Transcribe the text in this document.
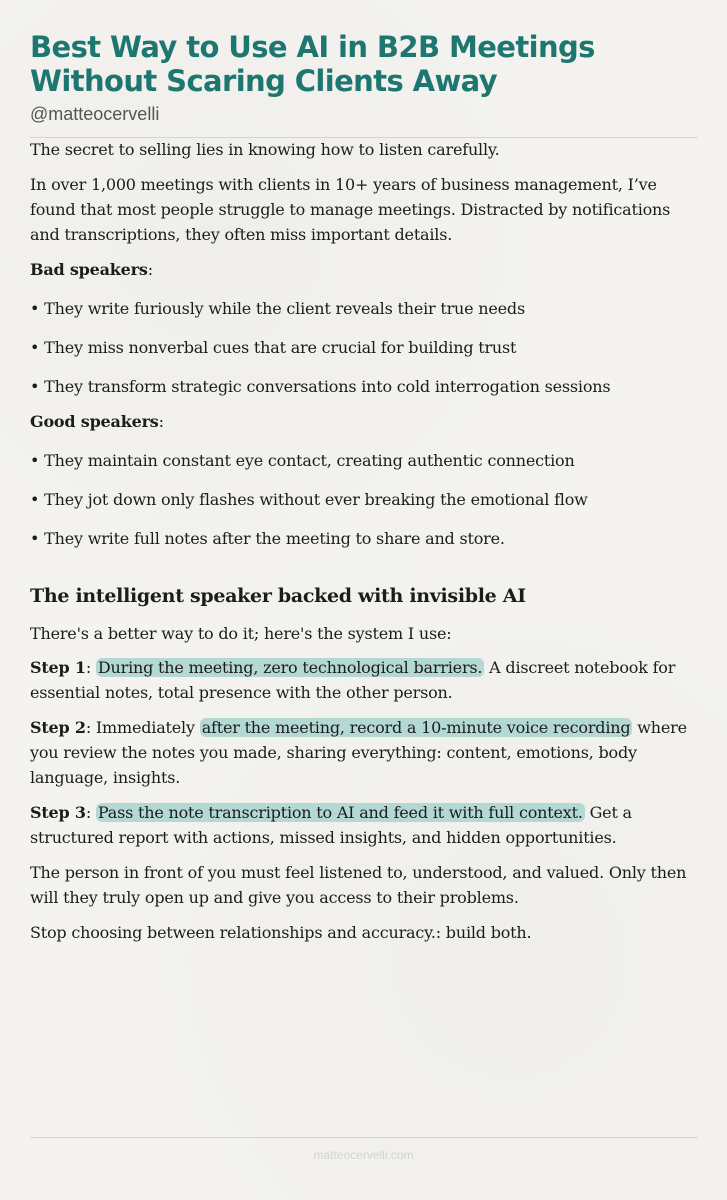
Best Way to Use AI in B2B Meetings
Without Scaring Clients Away
@matteocervelli

The secret to selling lies in knowing how to listen carefully.

In over 1,000 meetings with clients in 10+ years of business management, I’ve found that most people struggle to manage meetings. Distracted by notifications and transcriptions, they often miss important details.

Bad speakers:

• They write furiously while the client reveals their true needs

• They miss nonverbal cues that are crucial for building trust

• They transform strategic conversations into cold interrogation sessions

Good speakers:

• They maintain constant eye contact, creating authentic connection

• They jot down only flashes without ever breaking the emotional flow

• They write full notes after the meeting to share and store.

The intelligent speaker backed with invisible AI

There's a better way to do it; here's the system I use:

Step 1: During the meeting, zero technological barriers. A discreet notebook for essential notes, total presence with the other person.

Step 2: Immediately after the meeting, record a 10-minute voice recording where you review the notes you made, sharing everything: content, emotions, body language, insights.

Step 3: Pass the note transcription to AI and feed it with full context. Get a structured report with actions, missed insights, and hidden opportunities.

The person in front of you must feel listened to, understood, and valued. Only then will they truly open up and give you access to their problems.

Stop choosing between relationships and accuracy.: build both.

matteocervelli.com
